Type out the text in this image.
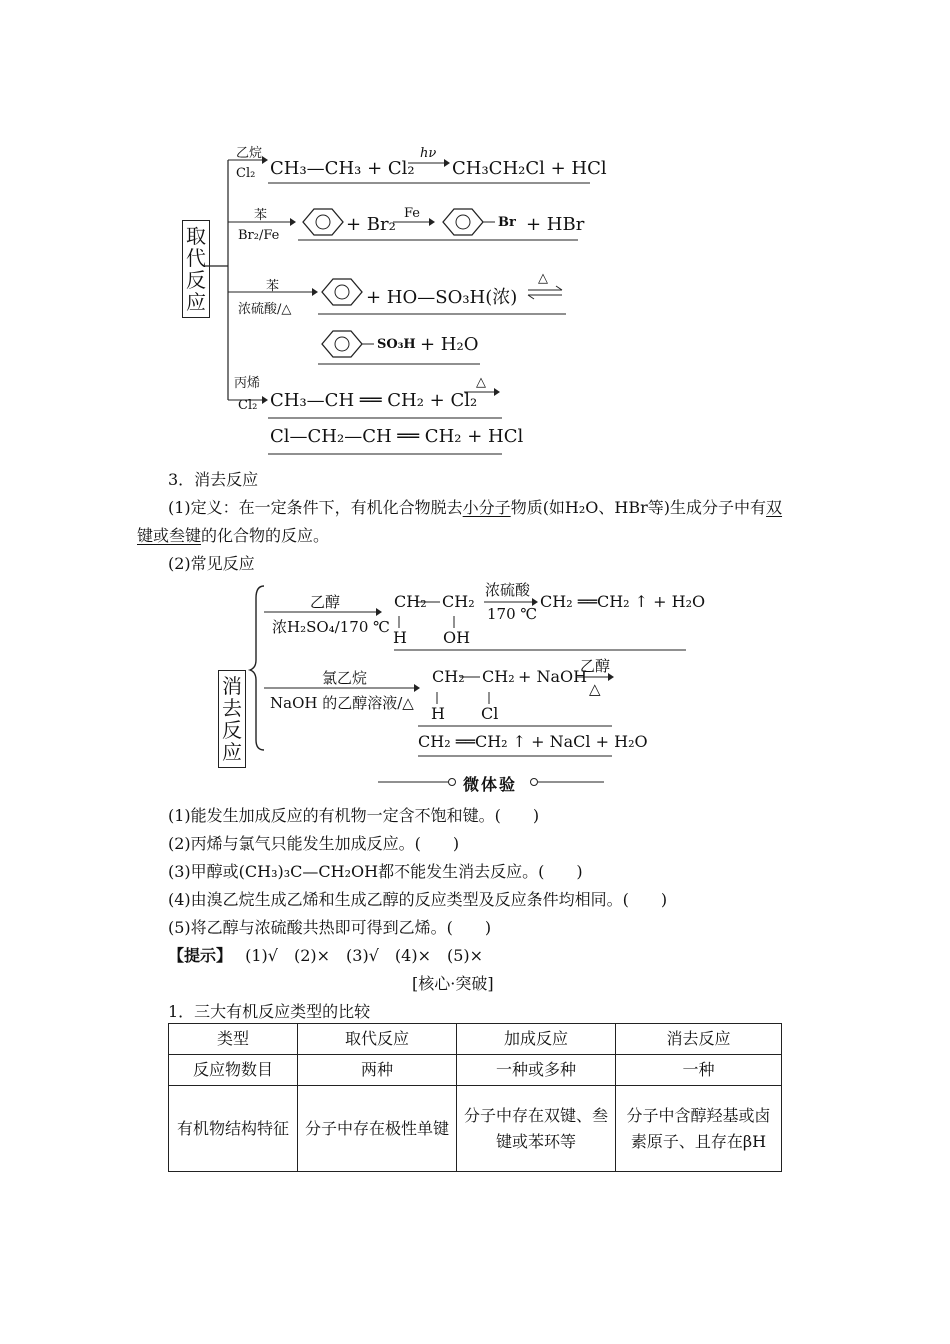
取代反应
乙烷
Cl₂ CH₃—CH₃ + Cl₂
hν
CH₃CH₂Cl + HCl
苯
Br₂/Fe
+ Br₂
Fe
Br + HBr
苯
浓硫酸/△
+ HO—SO₃H(浓)
△
SO₃H + H₂O
丙烯
Cl₂ CH₃—CH ══ CH₂ + Cl₂
△
Cl—CH₂—CH ══ CH₂ + HCl
3．消去反应
(1)定义：在一定条件下，有机化合物脱去小分子物质(如H₂O、HBr等)生成分子中有双
键或叁键的化合物的反应。
(2)常见反应
消去反应
乙醇
浓H₂SO₄/170 ℃
CH₂ CH₂
H OH
浓硫酸
170 ℃
CH₂ ══CH₂ ↑ + H₂O
氯乙烷
NaOH 的乙醇溶液/△
CH₂ CH₂
H Cl
+ NaOH
乙醇
△
CH₂ ══CH₂ ↑ + NaCl + H₂O
微体验
(1)能发生加成反应的有机物一定含不饱和键。(　　)
(2)丙烯与氯气只能发生加成反应。(　　)
(3)甲醇或(CH₃)₃C—CH₂OH都不能发生消去反应。(　　)
(4)由溴乙烷生成乙烯和生成乙醇的反应类型及反应条件均相同。(　　)
(5)将乙醇与浓硫酸共热即可得到乙烯。(　　)
【提示】 (1)√　(2)×　(3)√　(4)×　(5)×
[核心·突破]
1．三大有机反应类型的比较
类型	取代反应	加成反应	消去反应
反应物数目	两种	一种或多种	一种
有机物结构特征	分子中存在极性单键	分子中存在双键、叁键或苯环等	分子中含醇羟基或卤素原子、且存在βH
